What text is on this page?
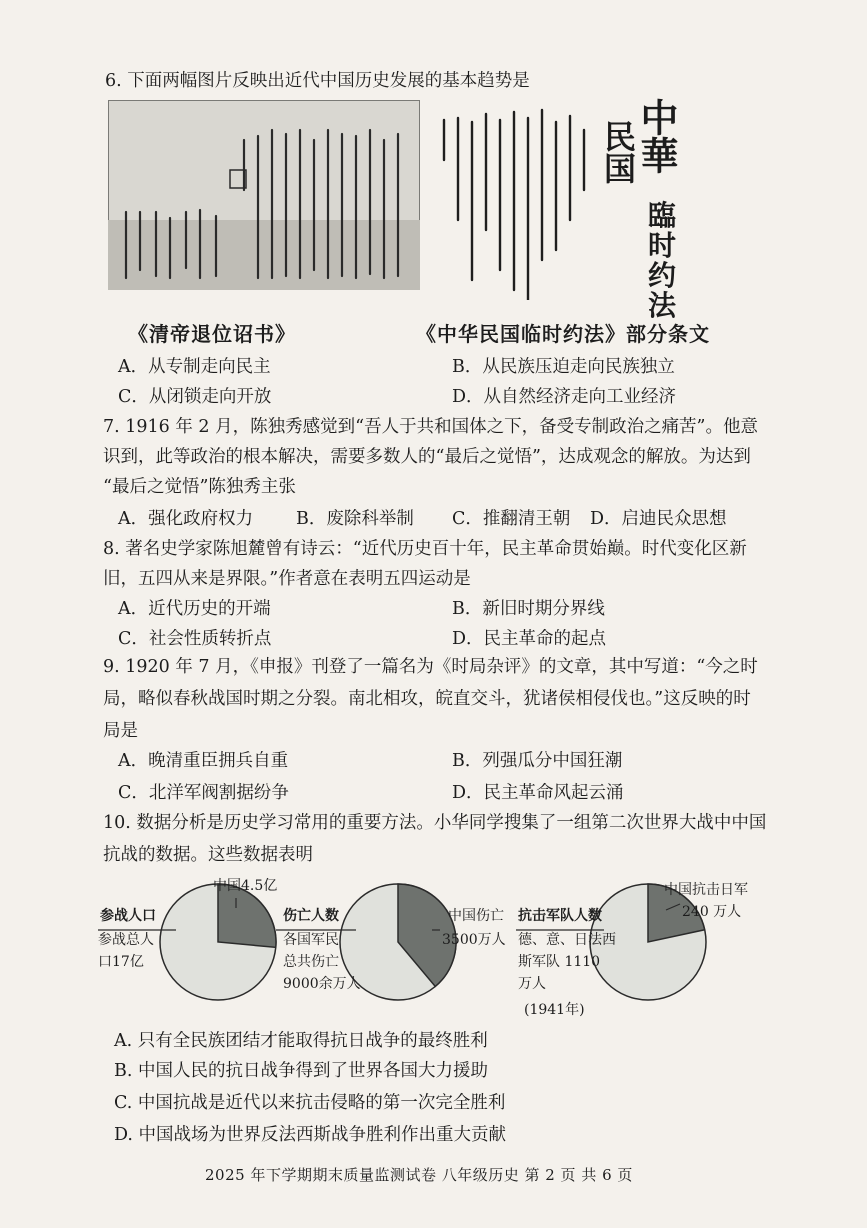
6. 下面两幅图片反映出近代中国历史发展的基本趋势是
中華
民国
臨
时
约
法
《清帝退位诏书》	《中华民国临时约法》部分条文
A．从专制走向民主	B．从民族压迫走向民族独立
C．从闭锁走向开放	D．从自然经济走向工业经济
7. 1916 年 2 月，陈独秀感觉到“吾人于共和国体之下，备受专制政治之痛苦”。他意
识到，此等政治的根本解决，需要多数人的“最后之觉悟”，达成观念的解放。为达到
“最后之觉悟”陈独秀主张
A．强化政府权力 B．废除科举制 C．推翻清王朝 D．启迪民众思想
8. 著名史学家陈旭麓曾有诗云：“近代历史百十年，民主革命贯始巅。时代变化区新
旧，五四从来是界限。”作者意在表明五四运动是
A．近代历史的开端	B．新旧时期分界线
C．社会性质转折点	D．民主革命的起点
9. 1920 年 7 月，《申报》刊登了一篇名为《时局杂评》的文章，其中写道：“今之时
局，略似春秋战国时期之分裂。南北相攻，皖直交斗，犹诸侯相侵伐也。”这反映的时
局是
A．晚清重臣拥兵自重	B．列强瓜分中国狂潮
C．北洋军阀割据纷争	D．民主革命风起云涌
10. 数据分析是历史学习常用的重要方法。小华同学搜集了一组第二次世界大战中中国
抗战的数据。这些数据表明
参战人口
参战总人
口17亿
中国4.5亿
伤亡人数
各国军民
总共伤亡
9000余万人
中国伤亡
3500万人
抗击军队人数
德、意、日法西
斯军队 1110
万人
(1941年)
中国抗击日军
240 万人
A. 只有全民族团结才能取得抗日战争的最终胜利
B. 中国人民的抗日战争得到了世界各国大力援助
C. 中国抗战是近代以来抗击侵略的第一次完全胜利
D. 中国战场为世界反法西斯战争胜利作出重大贡献
2025 年下学期期末质量监测试卷 八年级历史 第 2 页 共 6 页
